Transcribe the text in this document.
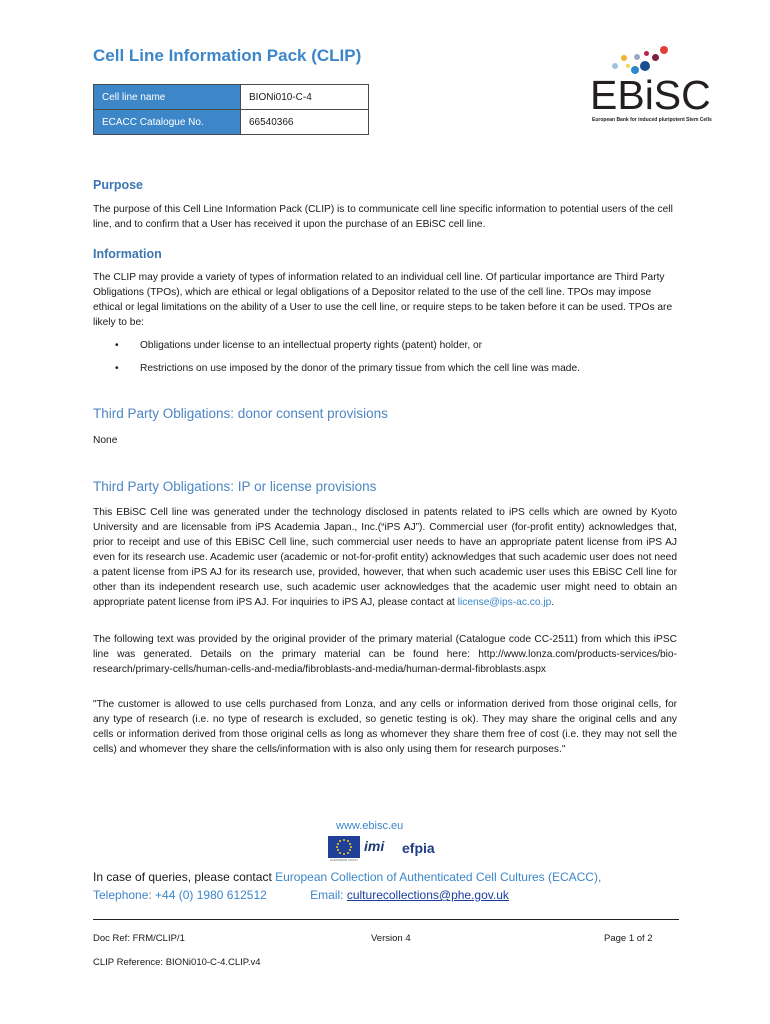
Cell Line Information Pack (CLIP)
Cell line name	BIONi010-C-4
ECACC Catalogue No.	66540366
EBiSC
European Bank for induced pluripotent Stem Cells
Purpose
The purpose of this Cell Line Information Pack (CLIP) is to communicate cell line specific information to potential users of the cell line, and to confirm that a User has received it upon the purchase of an EBiSC cell line.
Information
The CLIP may provide a variety of types of information related to an individual cell line. Of particular importance are Third Party Obligations (TPOs), which are ethical or legal obligations of a Depositor related to the use of the cell line. TPOs may impose ethical or legal limitations on the ability of a User to use the cell line, or require steps to be taken before it can be used. TPOs are likely to be:
• Obligations under license to an intellectual property rights (patent) holder, or
• Restrictions on use imposed by the donor of the primary tissue from which the cell line was made.
Third Party Obligations: donor consent provisions
None
Third Party Obligations: IP or license provisions
This EBiSC Cell line was generated under the technology disclosed in patents related to iPS cells which are owned by Kyoto University and are licensable from iPS Academia Japan., Inc.(“iPS AJ”). Commercial user (for-profit entity) acknowledges that, prior to receipt and use of this EBiSC Cell line, such commercial user needs to have an appropriate patent license from iPS AJ even for its research use. Academic user (academic or not-for-profit entity) acknowledges that such academic user does not need a patent license from iPS AJ for its research use, provided, however, that when such academic user uses this EBiSC Cell line for other than its independent research use, such academic user acknowledges that the academic user might need to obtain an appropriate patent license from iPS AJ. For inquiries to iPS AJ, please contact at license@ips-ac.co.jp.
The following text was provided by the original provider of the primary material (Catalogue code CC-2511) from which this iPSC line was generated. Details on the primary material can be found here: http://www.lonza.com/products-services/bio-research/primary-cells/human-cells-and-media/fibroblasts-and-media/human-dermal-fibroblasts.aspx
"The customer is allowed to use cells purchased from Lonza, and any cells or information derived from those original cells, for any type of research (i.e. no type of research is excluded, so genetic testing is ok). They may share the original cells and any cells or information derived from those original cells as long as whomever they share them free of cost (i.e. they may not sell the cells) and whomever they share the cells/information with is also only using them for research purposes."
www.ebisc.eu
EUROPEAN UNION
imi efpia
In case of queries, please contact European Collection of Authenticated Cell Cultures (ECACC),
Telephone: +44 (0) 1980 612512	Email: culturecollections@phe.gov.uk
Doc Ref: FRM/CLIP/1	Version 4	Page 1 of 2
CLIP Reference: BIONi010-C-4.CLIP.v4
